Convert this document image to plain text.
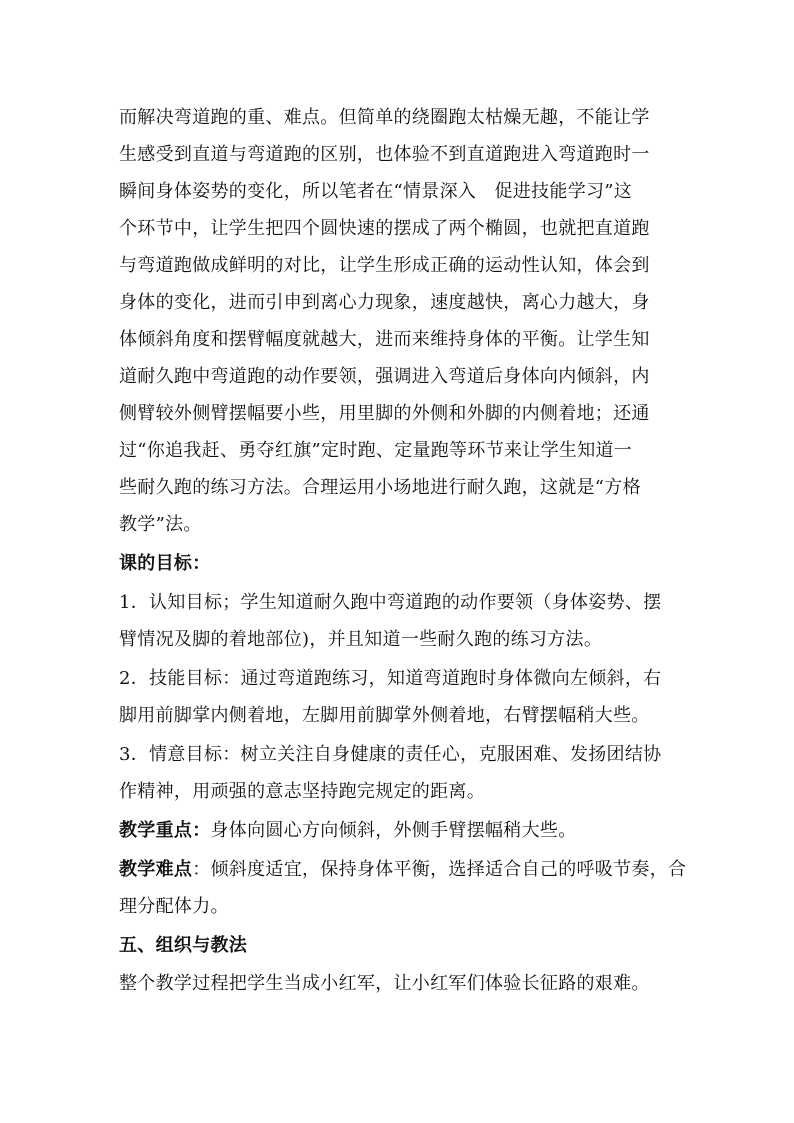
而解决弯道跑的重、难点。但简单的绕圈跑太枯燥无趣，不能让学
生感受到直道与弯道跑的区别，也体验不到直道跑进入弯道跑时一
瞬间身体姿势的变化，所以笔者在“情景深入　促进技能学习”这
个环节中，让学生把四个圆快速的摆成了两个椭圆，也就把直道跑
与弯道跑做成鲜明的对比，让学生形成正确的运动性认知，体会到
身体的变化，进而引申到离心力现象，速度越快，离心力越大，身
体倾斜角度和摆臂幅度就越大，进而来维持身体的平衡。让学生知
道耐久跑中弯道跑的动作要领，强调进入弯道后身体向内倾斜，内
侧臂较外侧臂摆幅要小些，用里脚的外侧和外脚的内侧着地；还通
过“你追我赶、勇夺红旗”定时跑、定量跑等环节来让学生知道一
些耐久跑的练习方法。合理运用小场地进行耐久跑，这就是“方格
教学”法。
课的目标：
1．认知目标；学生知道耐久跑中弯道跑的动作要领（身体姿势、摆
臂情况及脚的着地部位)，并且知道一些耐久跑的练习方法。
2．技能目标：通过弯道跑练习，知道弯道跑时身体微向左倾斜，右
脚用前脚掌内侧着地，左脚用前脚掌外侧着地，右臂摆幅稍大些。
3．情意目标：树立关注自身健康的责任心，克服困难、发扬团结协
作精神，用顽强的意志坚持跑完规定的距离。
教学重点：身体向圆心方向倾斜，外侧手臂摆幅稍大些。
教学难点：倾斜度适宜，保持身体平衡，选择适合自己的呼吸节奏，合
理分配体力。
五、组织与教法
整个教学过程把学生当成小红军，让小红军们体验长征路的艰难。
